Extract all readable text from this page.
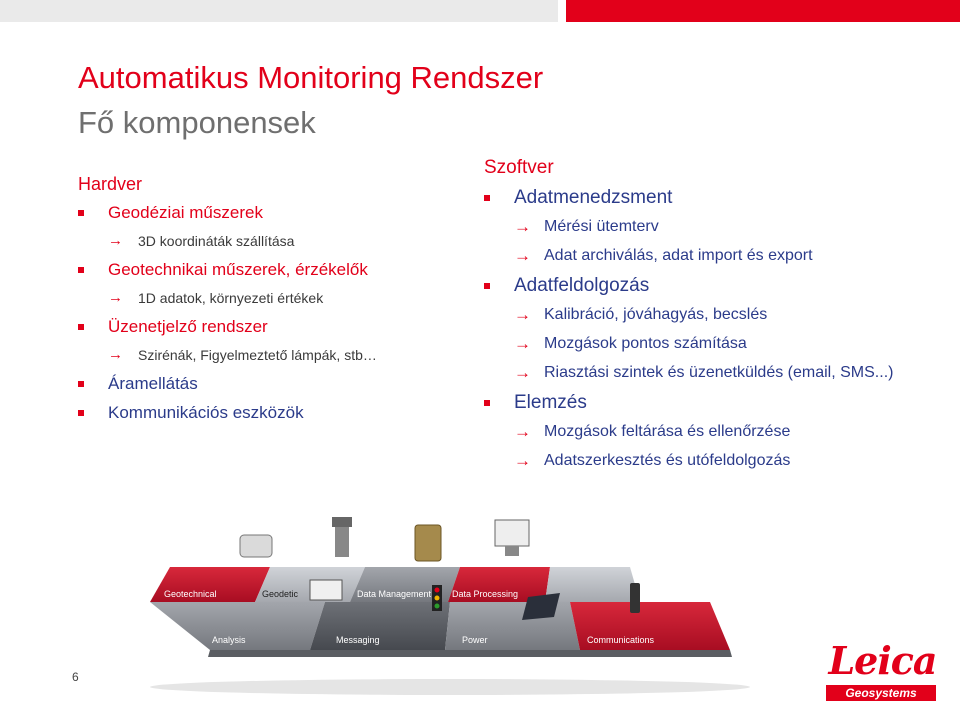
Automatikus Monitoring Rendszer
Fő komponensek
Hardver
Geodéziai műszerek
→ 3D koordináták szállítása
Geotechnikai műszerek, érzékelők
→ 1D adatok, környezeti értékek
Üzenetjelző rendszer
→ Szirénák, Figyelmeztető lámpák, stb…
Áramellátás
Kommunikációs eszközök
Szoftver
Adatmenedzsment
→ Mérési ütemterv
→ Adat archiválás, adat import és export
Adatfeldolgozás
→ Kalibráció, jóváhagyás, becslés
→ Mozgások pontos számítása
→ Riasztási szintek és üzenetküldés (email, SMS...)
Elemzés
→ Mozgások feltárása és ellenőrzése
→ Adatszerkesztés és utófeldolgozás
Geotechnical	Geodetic	Data Management Data Processing
Analysis	Messaging	Power	Communications
6	Leica
Geosystems
